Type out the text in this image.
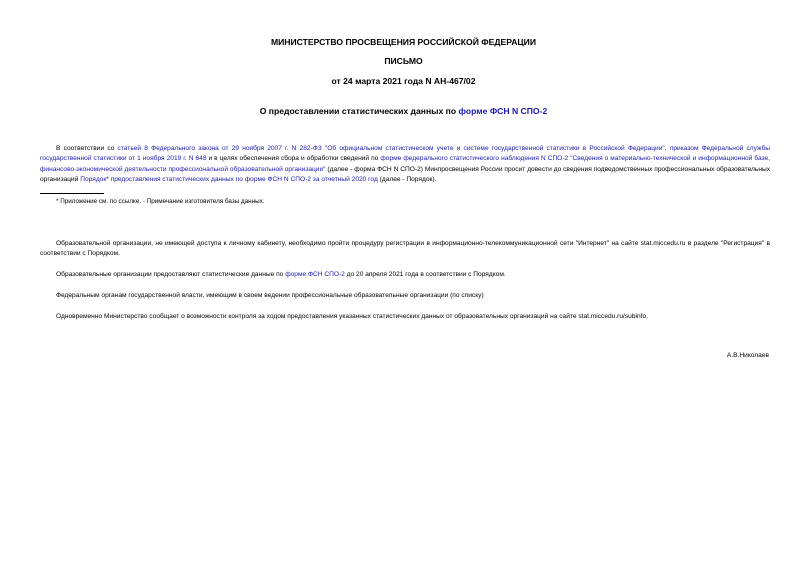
МИНИСТЕРСТВО ПРОСВЕЩЕНИЯ РОССИЙСКОЙ ФЕДЕРАЦИИ

ПИСЬМО

от 24 марта 2021 года N АН-467/02

О предоставлении статистических данных по форме ФСН N СПО-2

В соответствии со статьей 8 Федерального закона от 29 ноября 2007 г. N 282-ФЗ "Об официальном статистическом учете и системе государственной статистики в Российской Федерации", приказом Федеральной службы государственной статистики от 1 ноября 2019 г. N 648 и в целях обеспечения сбора и обработки сведений по форме федерального статистического наблюдения N СПО-2 "Сведения о материально-технической и информационной базе, финансово-экономической деятельности профессиональной образовательной организации" (далее - форма ФСН N СПО-2) Минпросвещения России просит довести до сведения подведомственных профессиональных образовательных организаций Порядок* предоставления статистических данных по форме ФСН N СПО-2 за отчетный 2020 год (далее - Порядок).

* Приложение см. по ссылке. - Примечание изготовителя базы данных.

Образовательной организации, не имеющей доступа к личному кабинету, необходимо пройти процедуру регистрации в информационно-телекоммуникационной сети "Интернет" на сайте stat.miccedu.ru в разделе "Регистрация" в соответствии с Порядком.

Образовательные организации предоставляют статистические данные по форме ФСН СПО-2 до 20 апреля 2021 года в соответствии с Порядком.

Федеральным органам государственной власти, имеющим в своем ведении профессиональные образовательные организации (по списку)

Одновременно Министерство сообщает о возможности контроля за ходом предоставления указанных статистических данных от образовательных организаций на сайте stat.miccedu.ru/subinfo.

А.В.Николаев
